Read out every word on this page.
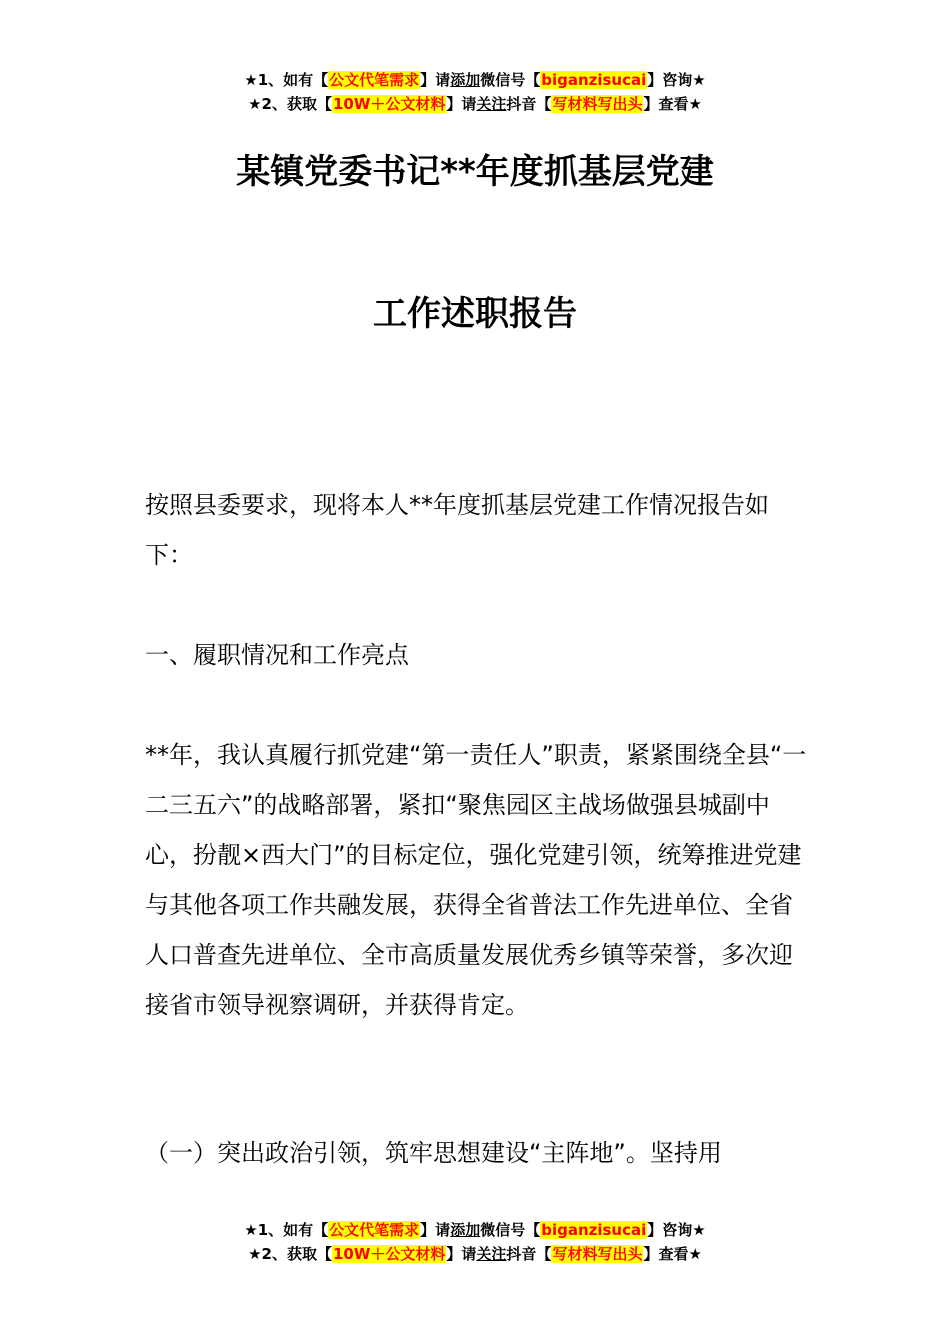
★1、如有【公文代笔需求】请添加微信号【biganzisucai】咨询★
★2、获取【10W＋公文材料】请关注抖音【写材料写出头】查看★
某镇党委书记**年度抓基层党建
工作述职报告
按照县委要求，现将本人**年度抓基层党建工作情况报告如下：
一、履职情况和工作亮点
**年，我认真履行抓党建“第一责任人”职责，紧紧围绕全县“一二三五六”的战略部署，紧扣“聚焦园区主战场做强县城副中心，扮靓×西大门”的目标定位，强化党建引领，统筹推进党建与其他各项工作共融发展，获得全省普法工作先进单位、全省人口普查先进单位、全市高质量发展优秀乡镇等荣誉，多次迎接省市领导视察调研，并获得肯定。
（一）突出政治引领，筑牢思想建设“主阵地”。坚持用
★1、如有【公文代笔需求】请添加微信号【biganzisucai】咨询★
★2、获取【10W＋公文材料】请关注抖音【写材料写出头】查看★
